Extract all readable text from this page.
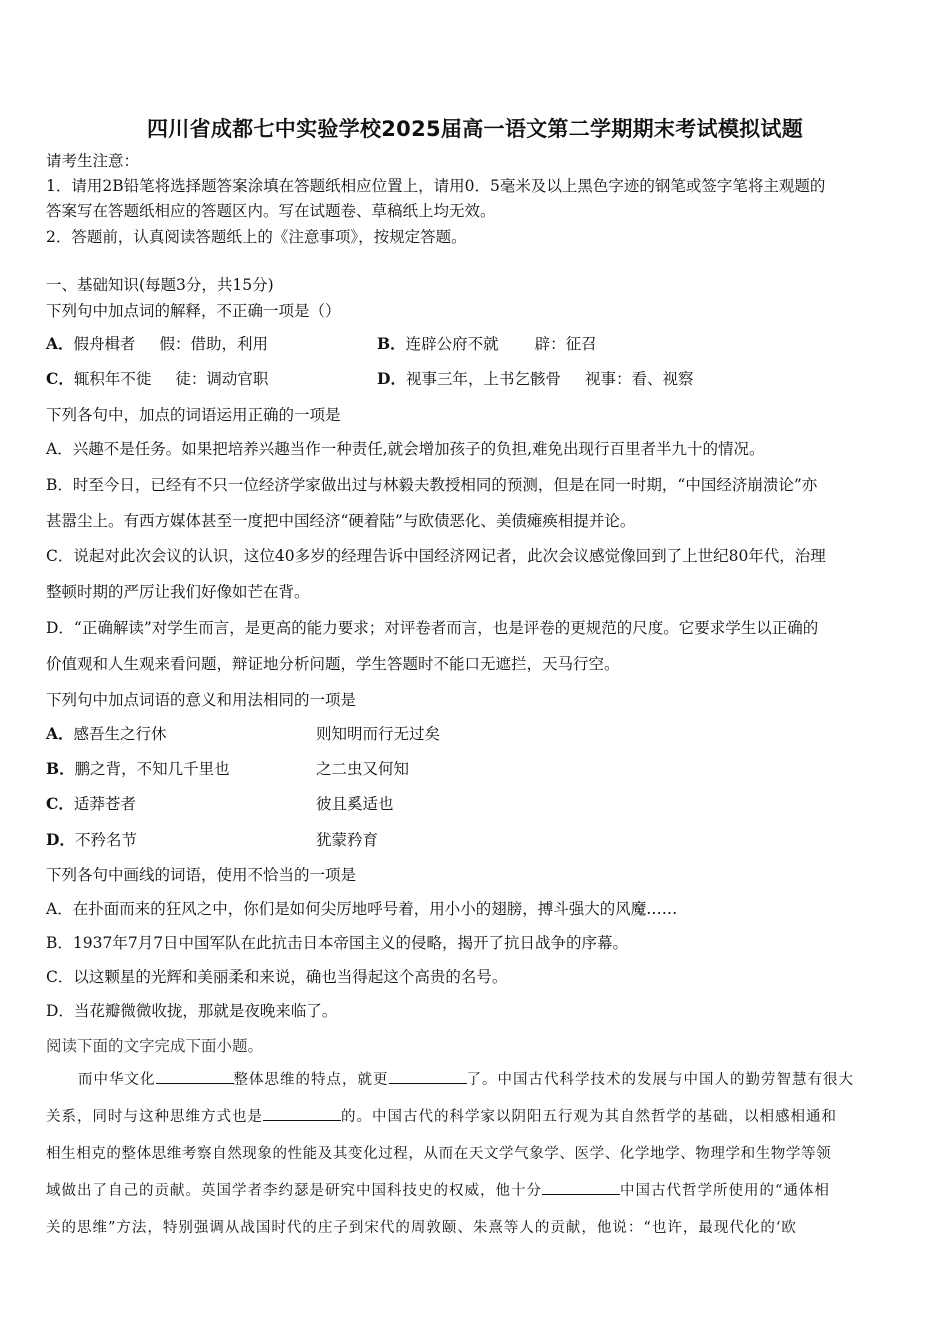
四川省成都七中实验学校2025届高一语文第二学期期末考试模拟试题
请考生注意：
1．请用2B铅笔将选择题答案涂填在答题纸相应位置上，请用0．5毫米及以上黑色字迹的钢笔或签字笔将主观题的
答案写在答题纸相应的答题区内。写在试题卷、草稿纸上均无效。
2．答题前，认真阅读答题纸上的《注意事项》，按规定答题。
一、基础知识(每题3分，共15分)
下列句中加点词的解释，不正确一项是（）
A．假舟楫者 假：借助，利用	B．连辟公府不就 辟：征召
C．辄积年不徙 徒：调动官职	D．视事三年，上书乞骸骨 视事：看、视察
下列各句中，加点的词语运用正确的一项是
A．兴趣不是任务。如果把培养兴趣当作一种责任,就会增加孩子的负担,难免出现行百里者半九十的情况。
B．时至今日，已经有不只一位经济学家做出过与林毅夫教授相同的预测，但是在同一时期，“中国经济崩溃论”亦
甚嚣尘上。有西方媒体甚至一度把中国经济“硬着陆”与欧债恶化、美债瘫痪相提并论。
C．说起对此次会议的认识，这位40多岁的经理告诉中国经济网记者，此次会议感觉像回到了上世纪80年代，治理
整顿时期的严厉让我们好像如芒在背。
D．“正确解读”对学生而言，是更高的能力要求；对评卷者而言，也是评卷的更规范的尺度。它要求学生以正确的
价值观和人生观来看问题，辩证地分析问题，学生答题时不能口无遮拦，天马行空。
下列句中加点词语的意义和用法相同的一项是
A．感吾生之行休	则知明而行无过矣
B．鹏之背，不知几千里也	之二虫又何知
C．适莽苍者	彼且奚适也
D．不矜名节	犹蒙矜育
下列各句中画线的词语，使用不恰当的一项是
A．在扑面而来的狂风之中，你们是如何尖厉地呼号着，用小小的翅膀，搏斗强大的风魔……
B．1937年7月7日中国军队在此抗击日本帝国主义的侵略，揭开了抗日战争的序幕。
C．以这颗星的光辉和美丽柔和来说，确也当得起这个高贵的名号。
D．当花瓣微微收拢，那就是夜晚来临了。
阅读下面的文字完成下面小题。
而中华文化	整体思维的特点，就更	了。中国古代科学技术的发展与中国人的勤劳智慧有很大
关系，同时与这种思维方式也是	的。中国古代的科学家以阴阳五行观为其自然哲学的基础，以相感相通和
相生相克的整体思维考察自然现象的性能及其变化过程，从而在天文学气象学、医学、化学地学、物理学和生物学等领
域做出了自己的贡献。英国学者李约瑟是研究中国科技史的权威，他十分	中国古代哲学所使用的“通体相
关的思维”方法，特别强调从战国时代的庄子到宋代的周敦颐、朱熹等人的贡献，他说：“也许，最现代化的‘欧
